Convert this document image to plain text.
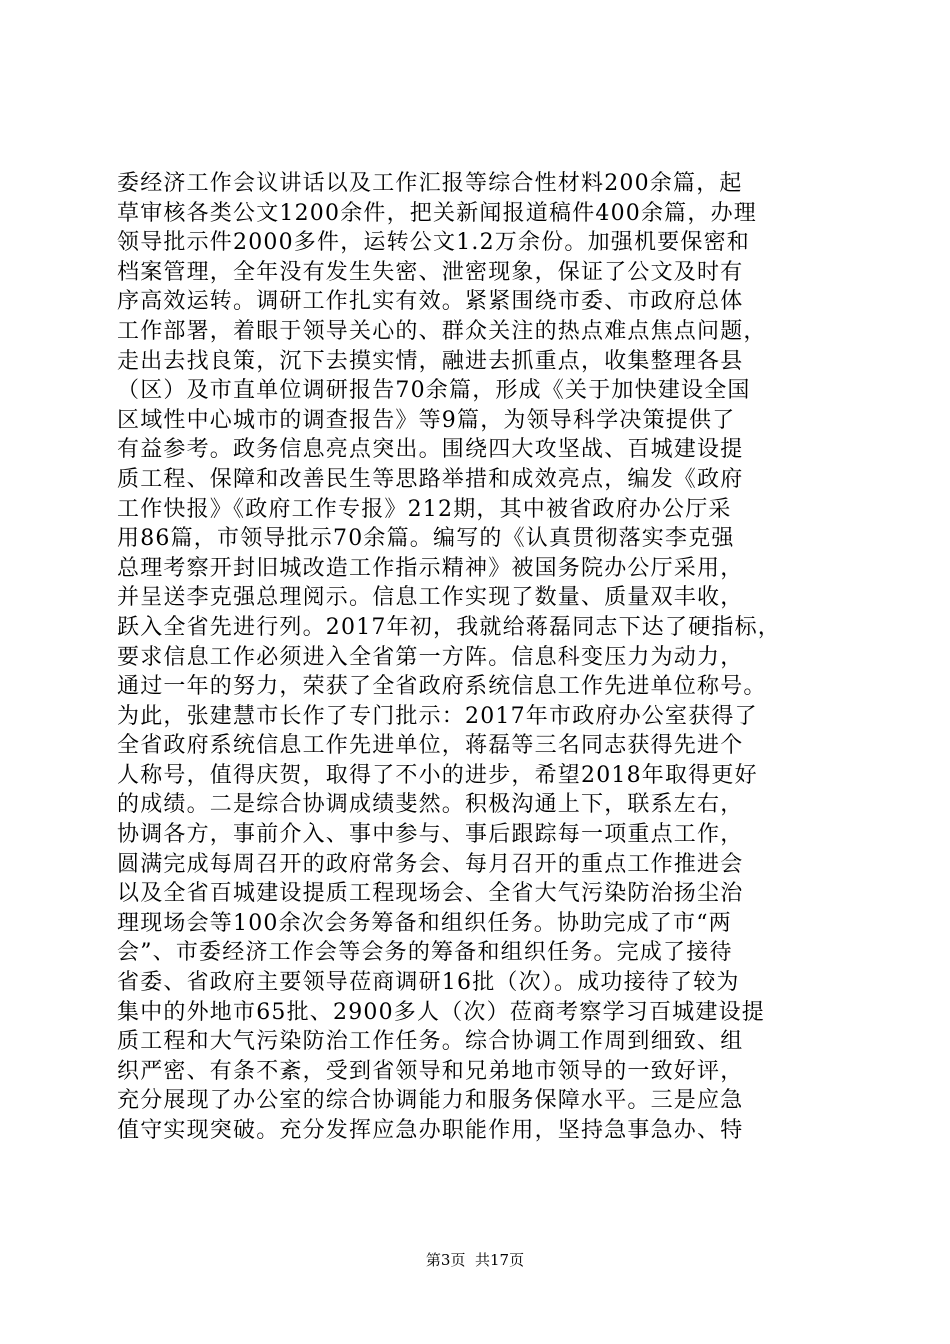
委经济工作会议讲话以及工作汇报等综合性材料200余篇，起
草审核各类公文1200余件，把关新闻报道稿件400余篇，办理
领导批示件2000多件，运转公文1.2万余份。加强机要保密和
档案管理，全年没有发生失密、泄密现象，保证了公文及时有
序高效运转。调研工作扎实有效。紧紧围绕市委、市政府总体
工作部署，着眼于领导关心的、群众关注的热点难点焦点问题，
走出去找良策，沉下去摸实情，融进去抓重点，收集整理各县
（区）及市直单位调研报告70余篇，形成《关于加快建设全国
区域性中心城市的调查报告》等9篇，为领导科学决策提供了
有益参考。政务信息亮点突出。围绕四大攻坚战、百城建设提
质工程、保障和改善民生等思路举措和成效亮点，编发《政府
工作快报》《政府工作专报》212期，其中被省政府办公厅采
用86篇，市领导批示70余篇。编写的《认真贯彻落实李克强
总理考察开封旧城改造工作指示精神》被国务院办公厅采用，
并呈送李克强总理阅示。信息工作实现了数量、质量双丰收，
跃入全省先进行列。2017年初，我就给蒋磊同志下达了硬指标，
要求信息工作必须进入全省第一方阵。信息科变压力为动力，
通过一年的努力，荣获了全省政府系统信息工作先进单位称号。
为此，张建慧市长作了专门批示：2017年市政府办公室获得了
全省政府系统信息工作先进单位，蒋磊等三名同志获得先进个
人称号，值得庆贺，取得了不小的进步，希望2018年取得更好
的成绩。二是综合协调成绩斐然。积极沟通上下，联系左右，
协调各方，事前介入、事中参与、事后跟踪每一项重点工作，
圆满完成每周召开的政府常务会、每月召开的重点工作推进会
以及全省百城建设提质工程现场会、全省大气污染防治扬尘治
理现场会等100余次会务筹备和组织任务。协助完成了市“两
会”、市委经济工作会等会务的筹备和组织任务。完成了接待
省委、省政府主要领导莅商调研16批（次）。成功接待了较为
集中的外地市65批、2900多人（次）莅商考察学习百城建设提
质工程和大气污染防治工作任务。综合协调工作周到细致、组
织严密、有条不紊，受到省领导和兄弟地市领导的一致好评，
充分展现了办公室的综合协调能力和服务保障水平。三是应急
值守实现突破。充分发挥应急办职能作用，坚持急事急办、特
第3页  共17页
